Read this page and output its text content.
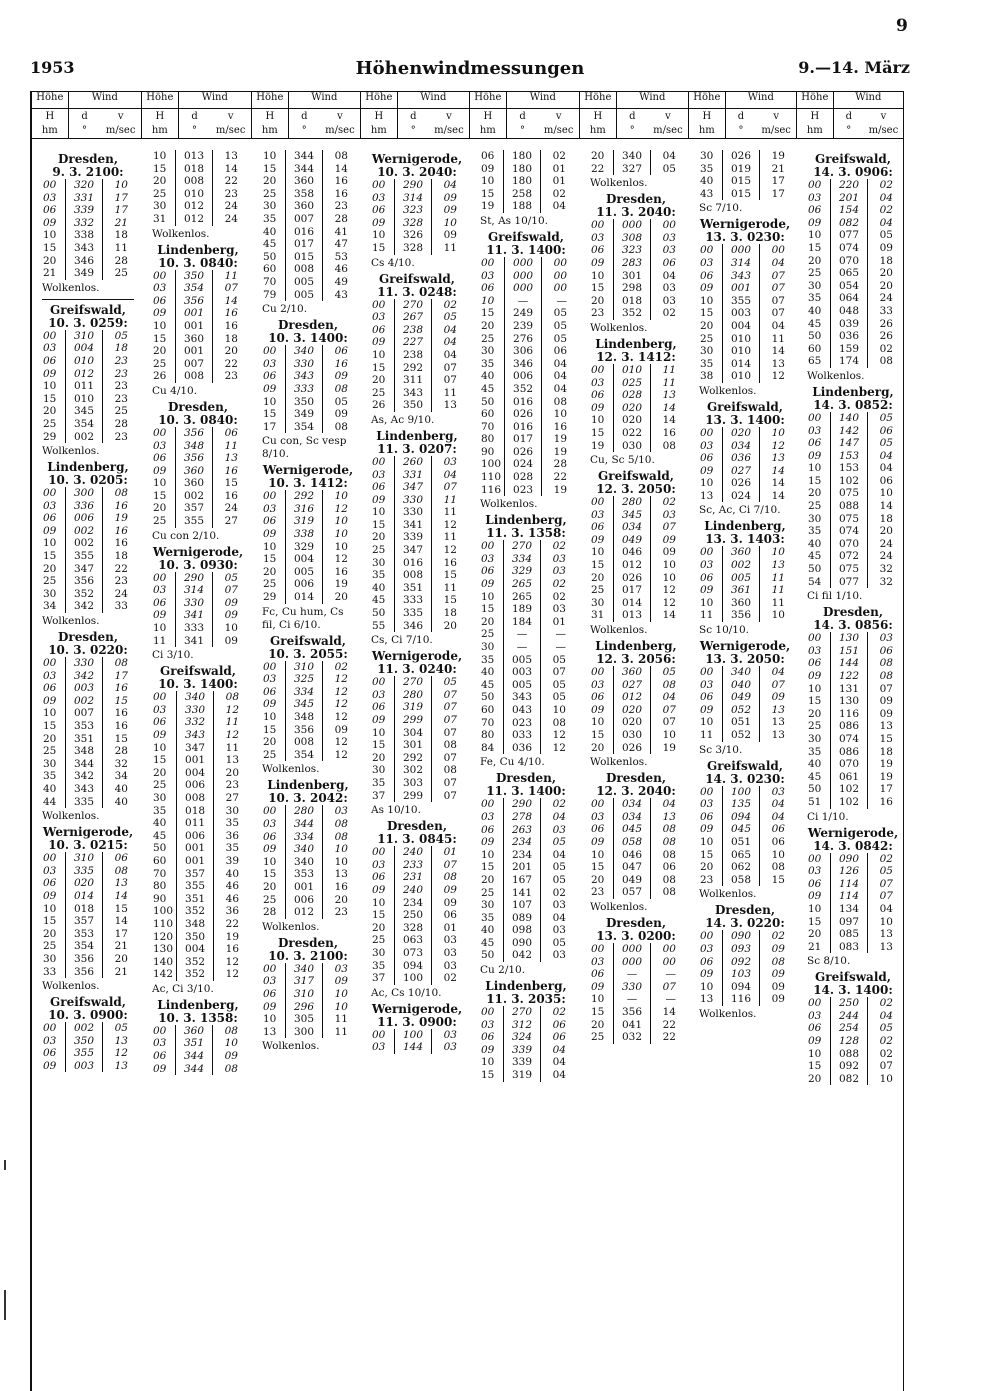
9
1953	Höhenwindmessungen	9.—14. März
Höhe	Wind
H
hm
d
°
v
m/sec
Höhe	Wind
H
hm
d
°
v
m/sec
Höhe	Wind
H
hm
d
°
v
m/sec
Höhe	Wind
H
hm
d
°
v
m/sec
Höhe	Wind
H
hm
d
°
v
m/sec
Höhe	Wind
H
hm
d
°
v
m/sec
Höhe	Wind
H
hm
d
°
v
m/sec
Höhe	Wind
H
hm
d
°
v
m/sec
Dresden,
9. 3. 2100:
00	320	10
03	331	17
06	339	17
09	332	21
10	338	18
15	343	11
20	346	28
21	349	25
Wolkenlos.
Greifswald,
10. 3. 0259:
00	310	05
03	004	18
06	010	23
09	012	23
10	011	23
15	010	23
20	345	25
25	354	28
29	002	23
Wolkenlos.
Lindenberg,
10. 3. 0205:
00	300	08
03	336	16
06	006	19
09	002	16
10	002	16
15	355	18
20	347	22
25	356	23
30	352	24
34	342	33
Wolkenlos.
Dresden,
10. 3. 0220:
00	330	08
03	342	17
06	003	16
09	002	15
10	007	16
15	353	16
20	351	15
25	348	28
30	344	32
35	342	34
40	343	40
44	335	40
Wolkenlos.
Wernigerode,
10. 3. 0215:
00	310	06
03	335	08
06	020	13
09	014	14
10	018	15
15	357	14
20	353	17
25	354	21
30	356	20
33	356	21
Wolkenlos.
Greifswald,
10. 3. 0900:
00	002	05
03	350	13
06	355	12
09	003	13
10	013	13
15	018	14
20	008	22
25	010	23
30	012	24
31	012	24
Wolkenlos.
Lindenberg,
10. 3. 0840:
00	350	11
03	354	07
06	356	14
09	001	16
10	001	16
15	360	18
20	001	20
25	007	22
26	008	23
Cu 4/10.
Dresden,
10. 3. 0840:
00	356	06
03	348	11
06	356	13
09	360	16
10	360	15
15	002	16
20	357	24
25	355	27
Cu con 2/10.
Wernigerode,
10. 3. 0930:
00	290	05
03	314	07
06	330	09
09	341	09
10	333	10
11	341	09
Ci 3/10.
Greifswald,
10. 3. 1400:
00	340	08
03	330	12
06	332	11
09	343	12
10	347	11
15	001	13
20	004	20
25	006	23
30	008	27
35	018	30
40	011	35
45	006	36
50	001	35
60	001	39
70	357	40
80	355	46
90	351	46
100	352	36
110	348	22
120	350	19
130	004	16
140	352	12
142	352	12
Ac, Ci 3/10.
Lindenberg,
10. 3. 1358:
00	360	08
03	351	10
06	344	09
09	344	08
10	344	08
15	344	14
20	360	16
25	358	16
30	360	23
35	007	28
40	016	41
45	017	47
50	015	53
60	008	46
70	005	49
79	005	43
Cu 2/10.
Dresden,
10. 3. 1400:
00	340	06
03	330	16
06	343	09
09	333	08
10	350	05
15	349	09
17	354	08
Cu con, Sc vesp 8/10.
Wernigerode,
10. 3. 1412:
00	292	10
03	316	12
06	319	10
09	338	10
10	329	10
15	004	12
20	005	16
25	006	19
29	014	20
Fc, Cu hum, Cs fil, Ci 6/10.
Greifswald,
10. 3. 2055:
00	310	02
03	325	12
06	334	12
09	345	12
10	348	12
15	356	09
20	008	12
25	354	12
Wolkenlos.
Lindenberg,
10. 3. 2042:
00	280	03
03	344	08
06	334	08
09	340	10
10	340	10
15	353	13
20	001	16
25	006	20
28	012	23
Wolkenlos.
Dresden,
10. 3. 2100:
00	340	03
03	317	09
06	310	10
09	296	10
10	305	11
13	300	11
Wolkenlos.
Wernigerode,
10. 3. 2040:
00	290	04
03	314	09
06	323	09
09	328	10
10	326	09
15	328	11
Cs 4/10.
Greifswald,
11. 3. 0248:
00	270	02
03	267	05
06	238	04
09	227	04
10	238	04
15	292	07
20	311	07
25	343	11
26	350	13
As, Ac 9/10.
Lindenberg,
11. 3. 0207:
00	260	03
03	331	04
06	347	07
09	330	11
10	330	11
15	341	12
20	339	11
25	347	12
30	016	16
35	008	15
40	351	11
45	333	15
50	335	18
55	346	20
Cs, Ci 7/10.
Wernigerode,
11. 3. 0240:
00	270	05
03	280	07
06	319	07
09	299	07
10	304	07
15	301	08
20	292	07
30	302	08
35	303	07
37	299	07
As 10/10.
Dresden,
11. 3. 0845:
00	240	01
03	233	07
06	231	08
09	240	09
10	234	09
15	250	06
20	328	01
25	063	03
30	073	03
35	094	03
37	100	02
Ac, Cs 10/10.
Wernigerode,
11. 3. 0900:
00	100	03
03	144	03
06	180	02
09	180	01
10	180	01
15	258	02
19	188	04
St, As 10/10.
Greifswald,
11. 3. 1400:
00	000	00
03	000	00
06	000	00
10	—	—
15	249	05
20	239	05
25	276	05
30	306	06
35	346	04
40	006	04
45	352	04
50	016	08
60	026	10
70	016	16
80	017	19
90	026	19
100	024	28
110	028	22
116	023	19
Wolkenlos.
Lindenberg,
11. 3. 1358:
00	270	02
03	334	03
06	329	03
09	265	02
10	265	02
15	189	03
20	184	01
25	—	—
30	—	—
35	005	05
40	003	07
45	005	05
50	343	05
60	043	10
70	023	08
80	033	12
84	036	12
Fe, Cu 4/10.
Dresden,
11. 3. 1400:
00	290	02
03	278	04
06	263	03
09	234	05
10	234	04
15	201	05
20	167	05
25	141	02
30	107	03
35	089	04
40	098	03
45	090	05
50	042	03
Cu 2/10.
Lindenberg,
11. 3. 2035:
00	270	02
03	312	06
06	324	06
09	339	04
10	339	04
15	319	04
20	340	04
22	327	05
Wolkenlos.
Dresden,
11. 3. 2040:
00	000	00
03	308	03
06	323	03
09	283	06
10	301	04
15	298	03
20	018	03
23	352	02
Wolkenlos.
Lindenberg,
12. 3. 1412:
00	010	11
03	025	11
06	028	13
09	020	14
10	020	14
15	022	16
19	030	08
Cu, Sc 5/10.
Greifswald,
12. 3. 2050:
00	280	02
03	345	03
06	034	07
09	049	09
10	046	09
15	012	10
20	026	10
25	017	12
30	014	12
31	013	14
Wolkenlos.
Lindenberg,
12. 3. 2056:
00	360	05
03	027	08
06	012	04
09	020	07
10	020	07
15	030	10
20	026	19
Wolkenlos.
Dresden,
12. 3. 2040:
00	034	04
03	034	13
06	045	08
09	058	08
10	046	08
15	047	06
20	049	08
23	057	08
Wolkenlos.
Dresden,
13. 3. 0200:
00	000	00
03	000	00
06	—	—
09	330	07
10	—	—
15	356	14
20	041	22
25	032	22
30	026	19
35	019	21
40	015	17
43	015	17
Sc 7/10.
Wernigerode,
13. 3. 0230:
00	000	00
03	314	04
06	343	07
09	001	07
10	355	07
15	003	07
20	004	04
25	010	11
30	010	14
35	014	13
38	010	12
Wolkenlos.
Greifswald,
13. 3. 1400:
00	020	10
03	034	12
06	036	13
09	027	14
10	026	14
13	024	14
Sc, Ac, Ci 7/10.
Lindenberg,
13. 3. 1403:
00	360	10
03	002	13
06	005	11
09	361	11
10	360	11
11	356	10
Sc 10/10.
Wernigerode,
13. 3. 2050:
00	340	04
03	040	07
06	049	09
09	052	13
10	051	13
11	052	13
Sc 3/10.
Greifswald,
14. 3. 0230:
00	100	03
03	135	04
06	094	04
09	045	06
10	051	06
15	065	10
20	062	08
23	058	15
Wolkenlos.
Dresden,
14. 3. 0220:
00	090	02
03	093	09
06	092	08
09	103	09
10	094	09
13	116	09
Wolkenlos.
Greifswald,
14. 3. 0906:
00	220	02
03	201	04
06	154	02
09	082	04
10	077	05
15	074	09
20	070	18
25	065	20
30	054	20
35	064	24
40	048	33
45	039	26
50	036	26
60	159	02
65	174	08
Wolkenlos.
Lindenberg,
14. 3. 0852:
00	140	05
03	142	06
06	147	05
09	153	04
10	153	04
15	102	06
20	075	10
25	088	14
30	075	18
35	074	20
40	070	24
45	072	24
50	075	32
54	077	32
Ci fil 1/10.
Dresden,
14. 3. 0856:
00	130	03
03	151	06
06	144	08
09	122	08
10	131	07
15	130	09
20	116	09
25	086	13
30	074	15
35	086	18
40	070	19
45	061	19
50	102	17
51	102	16
Ci 1/10.
Wernigerode,
14. 3. 0842:
00	090	02
03	126	05
06	114	07
09	114	07
10	134	04
15	097	10
20	085	13
21	083	13
Sc 8/10.
Greifswald,
14. 3. 1400:
00	250	02
03	244	04
06	254	05
09	128	02
10	088	02
15	092	07
20	082	10
